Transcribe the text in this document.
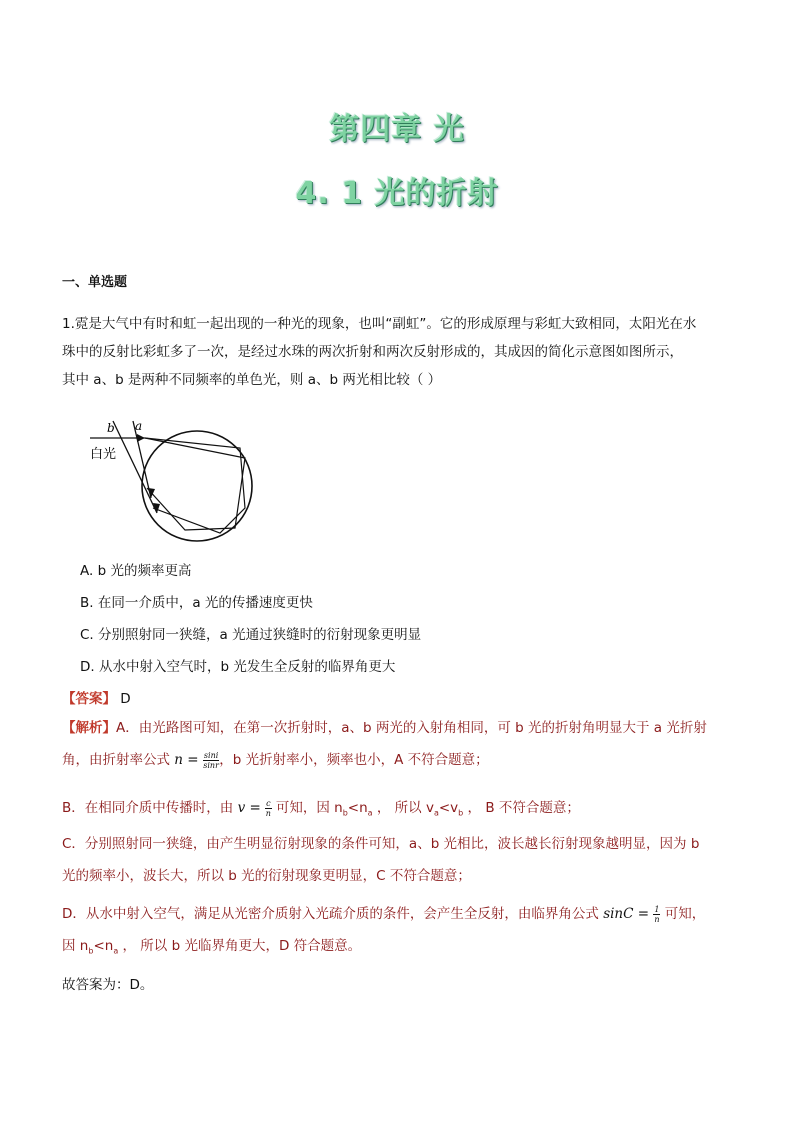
第四章 光
4. 1 光的折射
一、单选题
1.霓是大气中有时和虹一起出现的一种光的现象，也叫“副虹”。它的形成原理与彩虹大致相同，太阳光在水
珠中的反射比彩虹多了一次，是经过水珠的两次折射和两次反射形成的，其成因的简化示意图如图所示，
其中 a、b 是两种不同频率的单色光，则 a、b 两光相比较（ ）
b a
白光
A. b 光的频率更高
B. 在同一介质中，a 光的传播速度更快
C. 分别照射同一狭缝，a 光通过狭缝时的衍射现象更明显
D. 从水中射入空气时，b 光发生全反射的临界角更大
【答案】 D
【解析】A．由光路图可知，在第一次折射时，a、b 两光的入射角相同，可 b 光的折射角明显大于 a 光折射
角，由折射率公式 $n = \frac{\sin i}{\sin r}$ ，b 光折射率小，频率也小，A 不符合题意；
B．在相同介质中传播时，由 $v = \frac{c}{n}$ 可知，因 $n_b<n_a$ ， 所以 $v_a<v_b$ ， B 不符合题意；
C．分别照射同一狭缝，由产生明显衍射现象的条件可知，a、b 光相比，波长越长衍射现象越明显，因为 b
光的频率小，波长大，所以 b 光的衍射现象更明显，C 不符合题意；
D．从水中射入空气，满足从光密介质射入光疏介质的条件，会产生全反射，由临界角公式 $\sin C = \frac{1}{n}$ 可知，
因 $n_b<n_a$ ， 所以 b 光临界角更大，D 符合题意。
故答案为：D。
